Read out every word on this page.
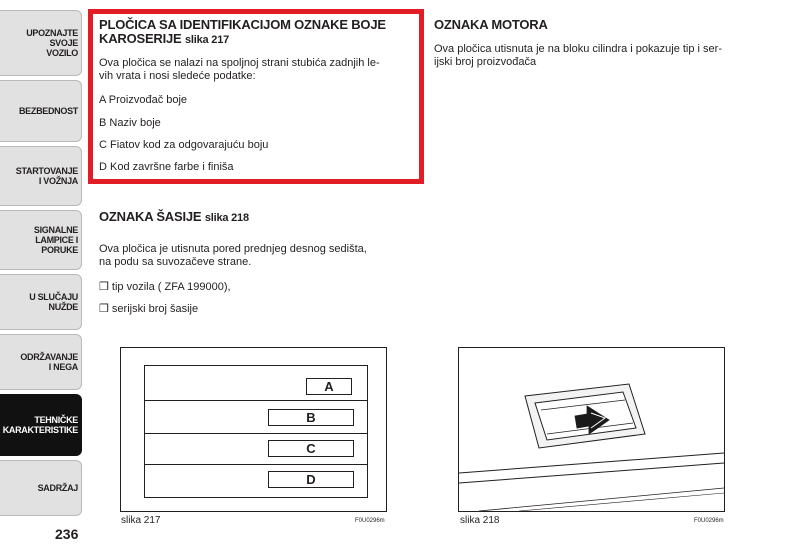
UPOZNAJTE
SVOJE
VOZILO
BEZBEDNOST
STARTOVANJE
I VOŽNJA
SIGNALNE
LAMPICE I PORUKE
U SLUČAJU
NUŽDE
ODRŽAVANJE
I NEGA
TEHNIČKE
KARAKTERISTIKE
SADRŽAJ
236
PLOČICA SA IDENTIFIKACIJOM OZNAKE BOJE
KAROSERIJE slika 217
Ova pločica se nalazi na spoljnoj strani stubića zadnjih le-
vih vrata i nosi sledeće podatke:
A Proizvođač boje
B Naziv boje
C Fiatov kod za odgovarajuću boju
D Kod završne farbe i finiša
OZNAKA ŠASIJE slika 218
Ova pločica je utisnuta pored prednjeg desnog sedišta,
na podu sa suvozačeve strane.
❒ tip vozila ( ZFA 199000),
❒ serijski broj šasije
OZNAKA MOTORA
Ova pločica utisnuta je na bloku cilindra i pokazuje tip i ser-
ijski broj proizvođača
A
B
C
D
slika 217	F0U0296m	slika 218	F0U0296m
